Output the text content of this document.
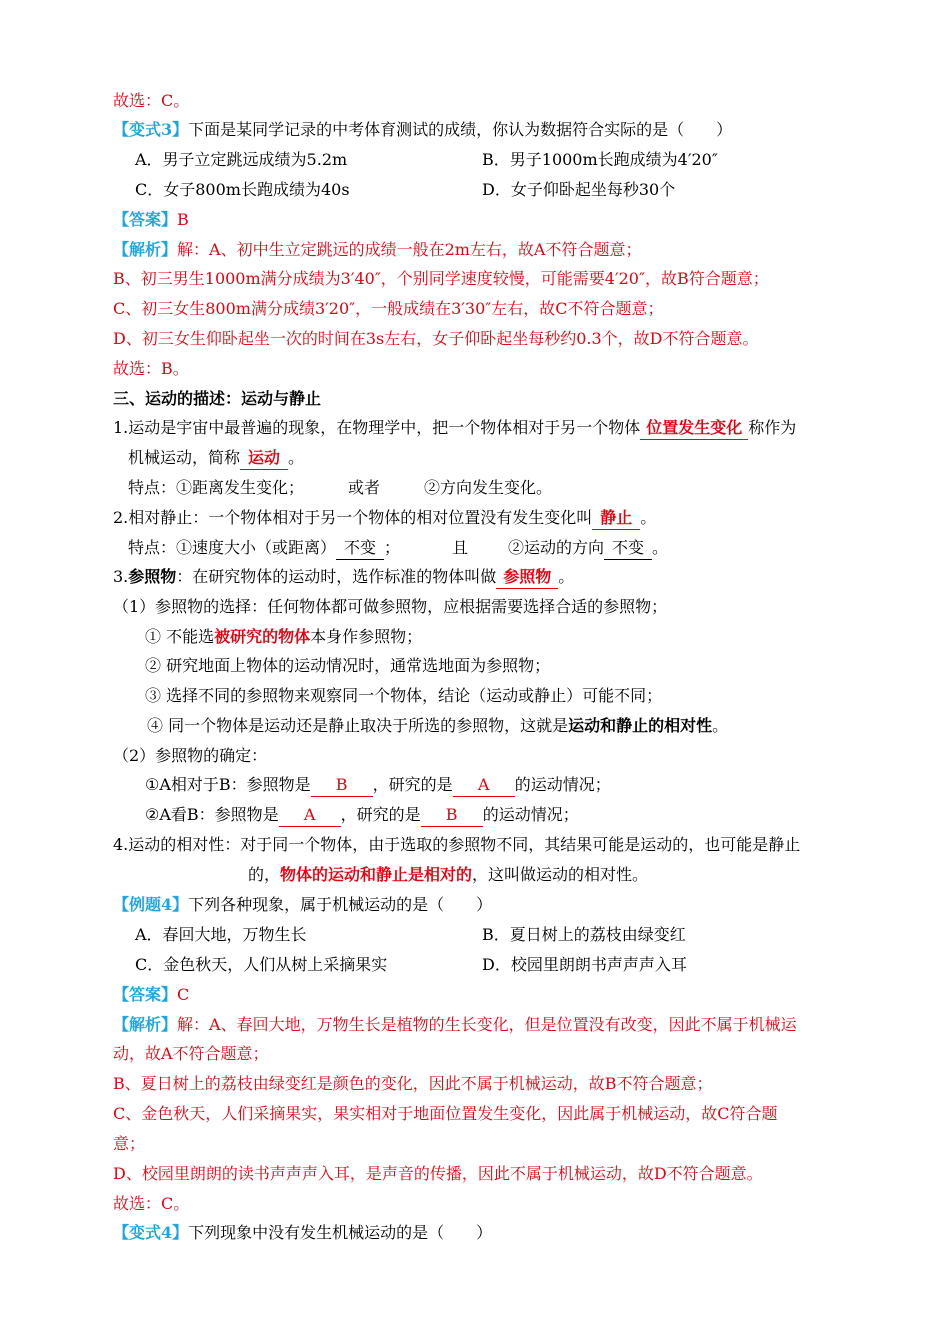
故选：C。
【变式3】下面是某同学记录的中考体育测试的成绩，你认为数据符合实际的是（　　）
A．男子立定跳远成绩为5.2m	B．男子1000m长跑成绩为4′20″
C．女子800m长跑成绩为40s	D．女子仰卧起坐每秒30个
【答案】B
【解析】解：A、初中生立定跳远的成绩一般在2m左右，故A不符合题意；
B、初三男生1000m满分成绩为3′40″，个别同学速度较慢，可能需要4′20″，故B符合题意；
C、初三女生800m满分成绩3′20″，一般成绩在3′30″左右，故C不符合题意；
D、初三女生仰卧起坐一次的时间在3s左右，女子仰卧起坐每秒约0.3个，故D不符合题意。
故选：B。
三、运动的描述：运动与静止
1.运动是宇宙中最普遍的现象，在物理学中，把一个物体相对于另一个物体 位置发生变化 称作为
机械运动，简称 运动 。
特点：①距离发生变化；	或者	②方向发生变化。
2.相对静止：一个物体相对于另一个物体的相对位置没有发生变化叫 静止 。
特点：①速度大小（或距离） 不变 ；	且 ②运动的方向 不变 。
3.参照物：在研究物体的运动时，选作标准的物体叫做 参照物 。
（1）参照物的选择：任何物体都可做参照物，应根据需要选择合适的参照物；
① 不能选被研究的物体本身作参照物；
② 研究地面上物体的运动情况时，通常选地面为参照物；
③ 选择不同的参照物来观察同一个物体，结论（运动或静止）可能不同；
④ 同一个物体是运动还是静止取决于所选的参照物，这就是运动和静止的相对性。
（2）参照物的确定：
①A相对于B：参照物是 B ，研究的是 A 的运动情况；
②A看B：参照物是 A ，研究的是 B 的运动情况；
4.运动的相对性：对于同一个物体，由于选取的参照物不同，其结果可能是运动的，也可能是静止
的，物体的运动和静止是相对的，这叫做运动的相对性。
【例题4】下列各种现象，属于机械运动的是（　　）
A．春回大地，万物生长	B．夏日树上的荔枝由绿变红
C．金色秋天，人们从树上采摘果实	D．校园里朗朗书声声声入耳
【答案】C
【解析】解：A、春回大地，万物生长是植物的生长变化，但是位置没有改变，因此不属于机械运
动，故A不符合题意；
B、夏日树上的荔枝由绿变红是颜色的变化，因此不属于机械运动，故B不符合题意；
C、金色秋天，人们采摘果实，果实相对于地面位置发生变化，因此属于机械运动，故C符合题
意；
D、校园里朗朗的读书声声声入耳，是声音的传播，因此不属于机械运动，故D不符合题意。
故选：C。
【变式4】下列现象中没有发生机械运动的是（　　）
